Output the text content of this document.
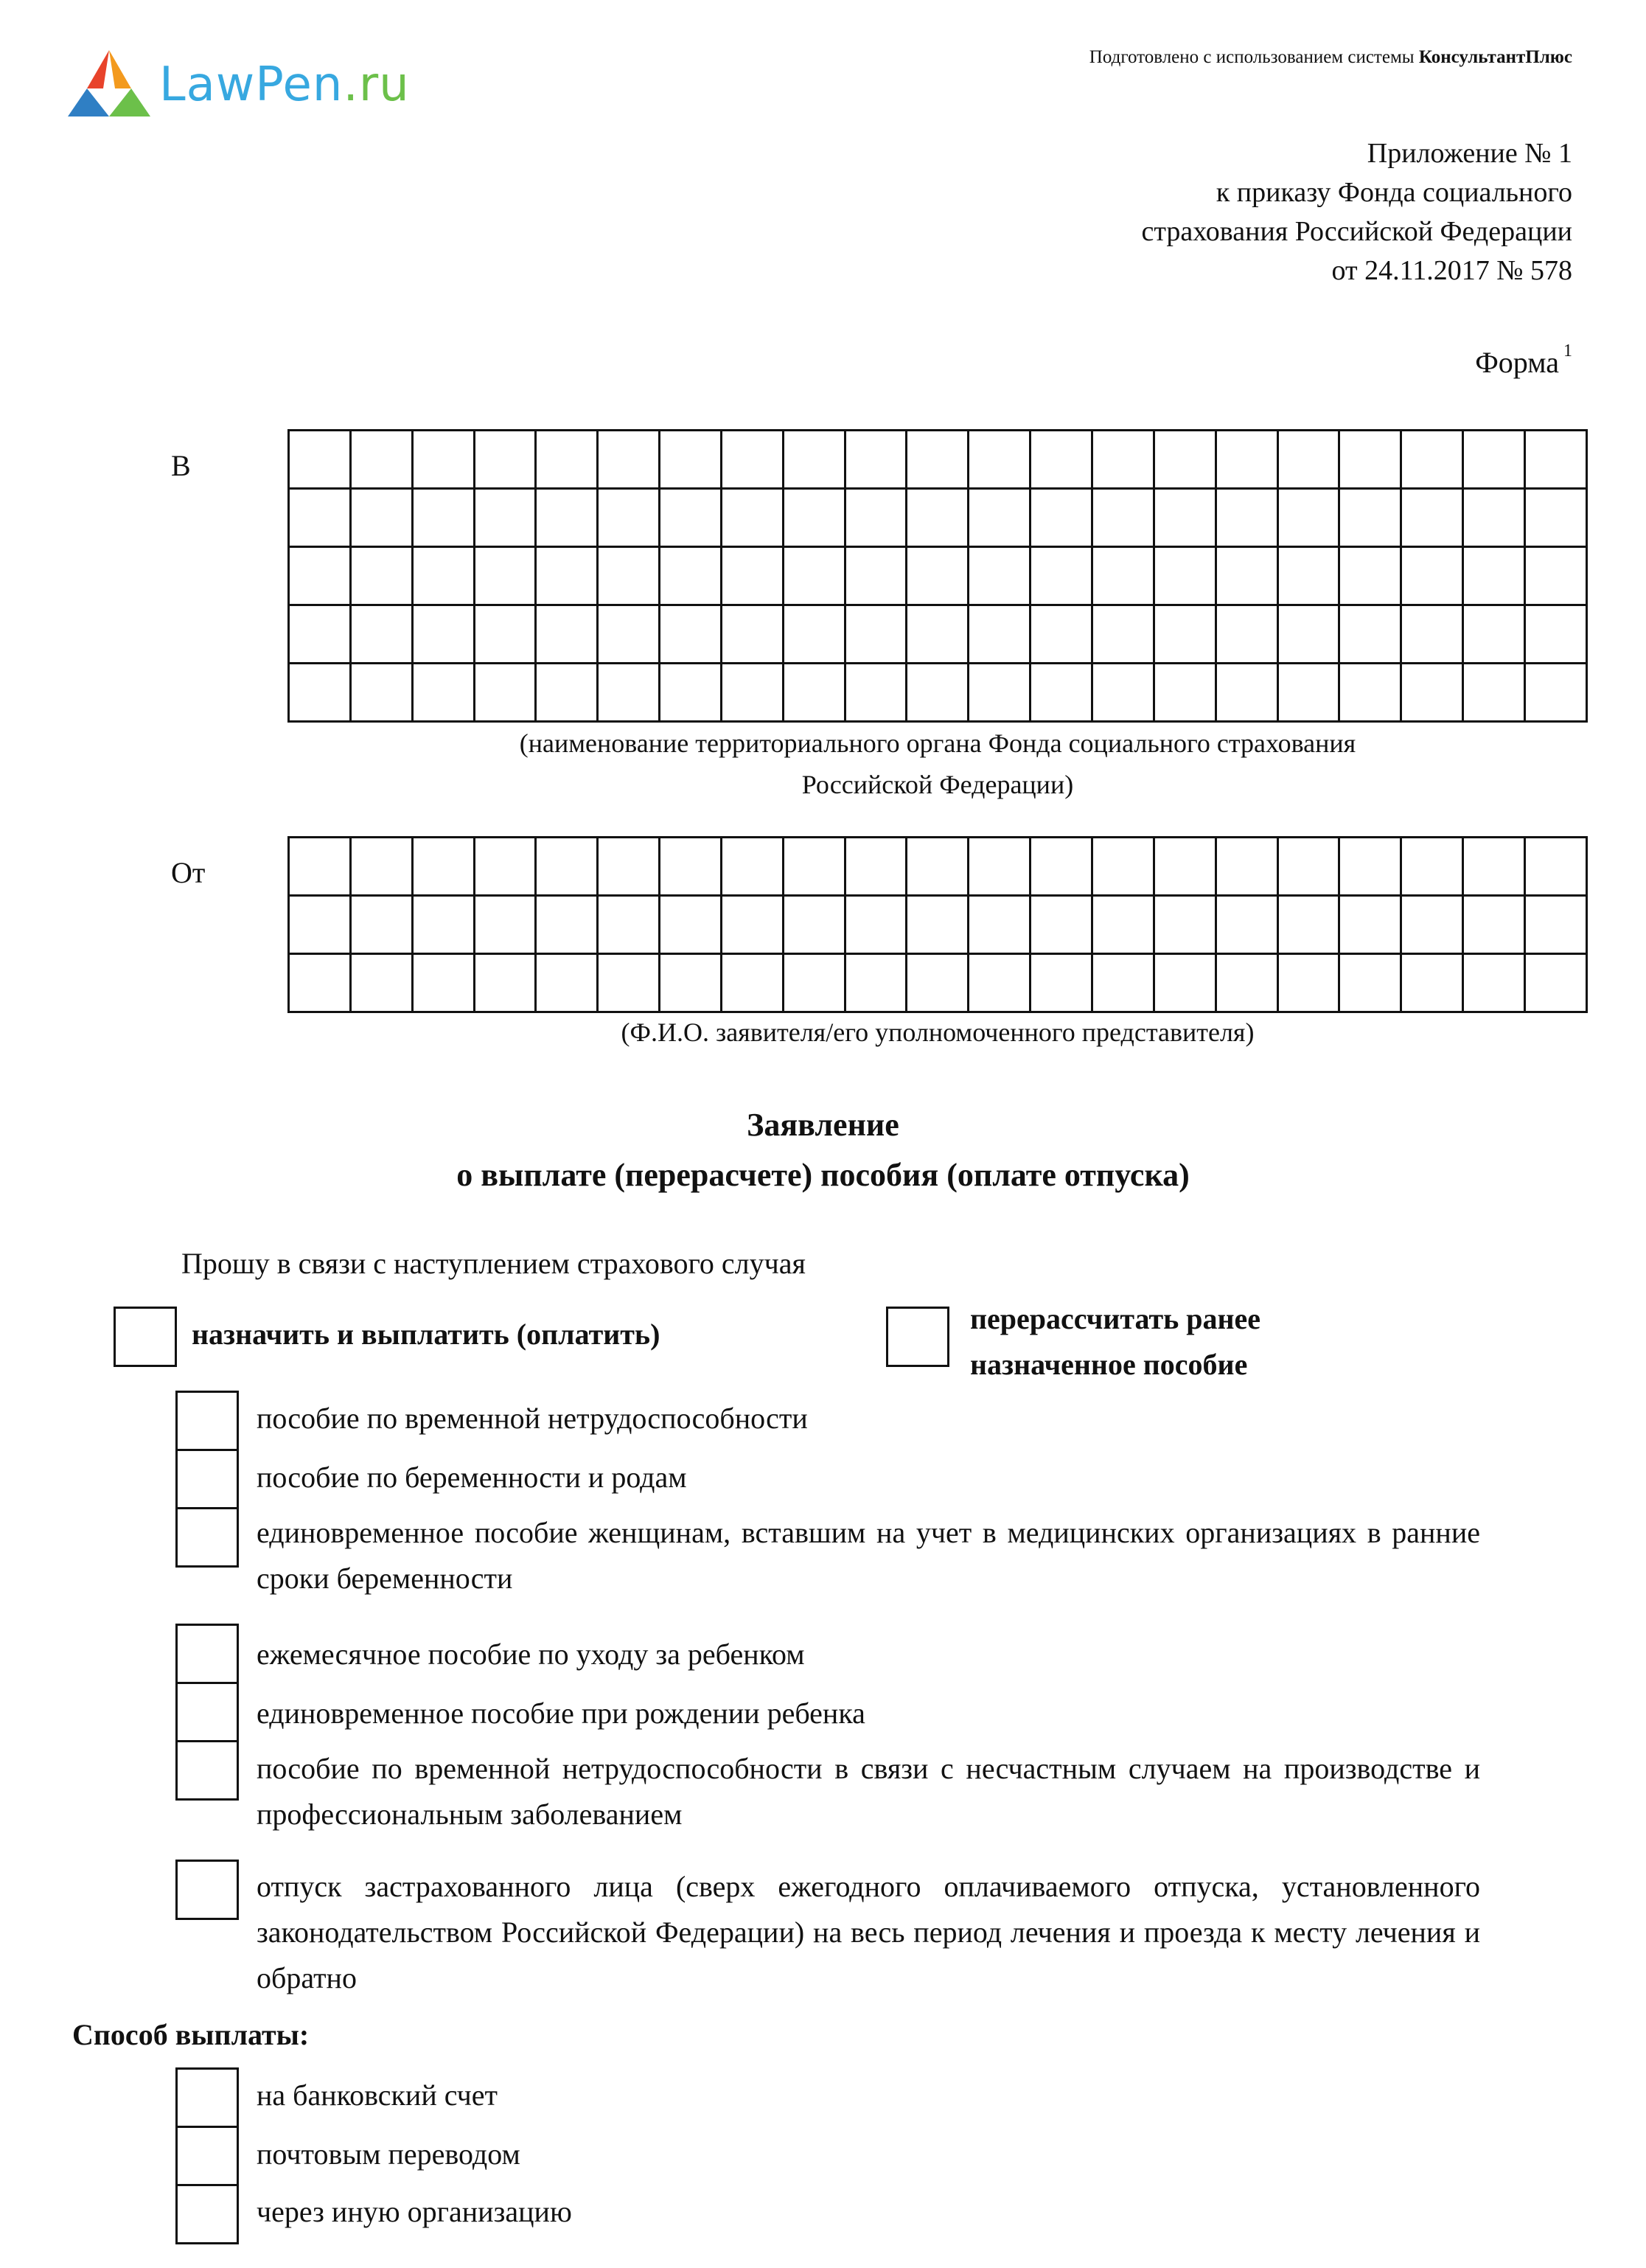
LawPen.ru
Подготовлено с использованием системы КонсультантПлюс
Приложение № 1
к приказу Фонда социального
страхования Российской Федерации
от 24.11.2017 № 578
Форма $^1$
В

(наименование территориального органа Фонда социального страхования
Российской Федерации)
От

(Ф.И.О. заявителя/его уполномоченного представителя)
Заявление
о выплате (перерасчете) пособия (оплате отпуска)
Прошу в связи с наступлением страхового случая
назначить и выплатить (оплатить)	перерассчитать ранее
назначенное пособие
пособие по временной нетрудоспособности
пособие по беременности и родам
единовременное пособие женщинам, вставшим на учет в медицинских организациях в ранние сроки беременности
ежемесячное пособие по уходу за ребенком
единовременное пособие при рождении ребенка
пособие по временной нетрудоспособности в связи с несчастным случаем на производстве и профессиональным заболеванием
отпуск застрахованного лица (сверх ежегодного оплачиваемого отпуска, установленного законодательством Российской Федерации) на весь период лечения и проезда к месту лечения и обратно
Способ выплаты:
на банковский счет
почтовым переводом
через иную организацию
